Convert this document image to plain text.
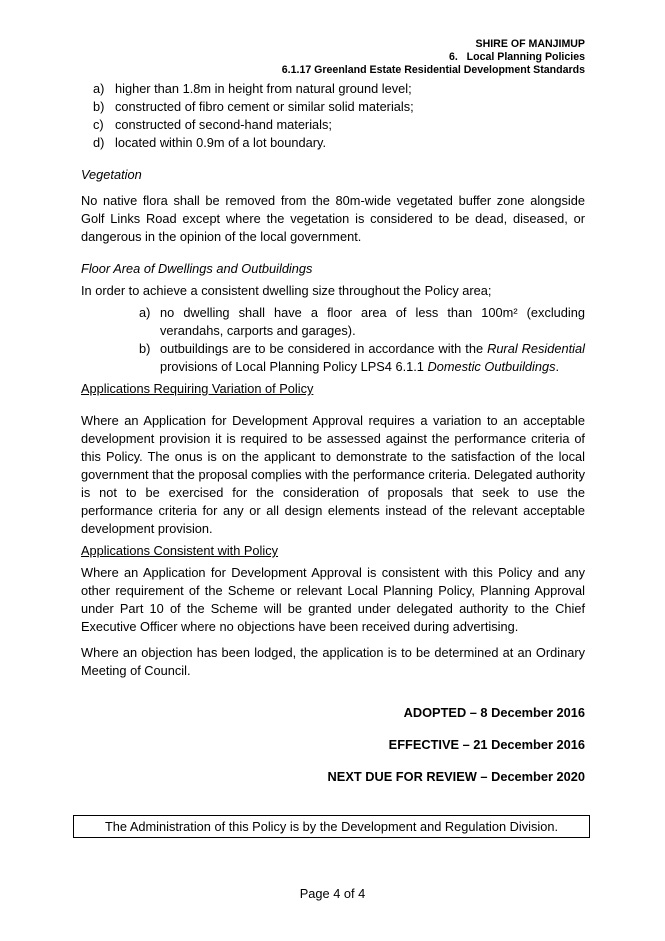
SHIRE OF MANJIMUP
6.   Local Planning Policies
6.1.17 Greenland Estate Residential Development Standards
a) higher than 1.8m in height from natural ground level;
b) constructed of fibro cement or similar solid materials;
c) constructed of second-hand materials;
d) located within 0.9m of a lot boundary.

Vegetation

No native flora shall be removed from the 80m-wide vegetated buffer zone alongside Golf Links Road except where the vegetation is considered to be dead, diseased, or dangerous in the opinion of the local government.

Floor Area of Dwellings and Outbuildings

In order to achieve a consistent dwelling size throughout the Policy area;

a) no dwelling shall have a floor area of less than 100m² (excluding verandahs, carports and garages).
b) outbuildings are to be considered in accordance with the Rural Residential provisions of Local Planning Policy LPS4 6.1.1 Domestic Outbuildings.

Applications Requiring Variation of Policy

Where an Application for Development Approval requires a variation to an acceptable development provision it is required to be assessed against the performance criteria of this Policy. The onus is on the applicant to demonstrate to the satisfaction of the local government that the proposal complies with the performance criteria. Delegated authority is not to be exercised for the consideration of proposals that seek to use the performance criteria for any or all design elements instead of the relevant acceptable development provision.

Applications Consistent with Policy

Where an Application for Development Approval is consistent with this Policy and any other requirement of the Scheme or relevant Local Planning Policy, Planning Approval under Part 10 of the Scheme will be granted under delegated authority to the Chief Executive Officer where no objections have been received during advertising.

Where an objection has been lodged, the application is to be determined at an Ordinary Meeting of Council.

ADOPTED – 8 December 2016

EFFECTIVE – 21 December 2016

NEXT DUE FOR REVIEW – December 2020

The Administration of this Policy is by the Development and Regulation Division.
Page 4 of 4
